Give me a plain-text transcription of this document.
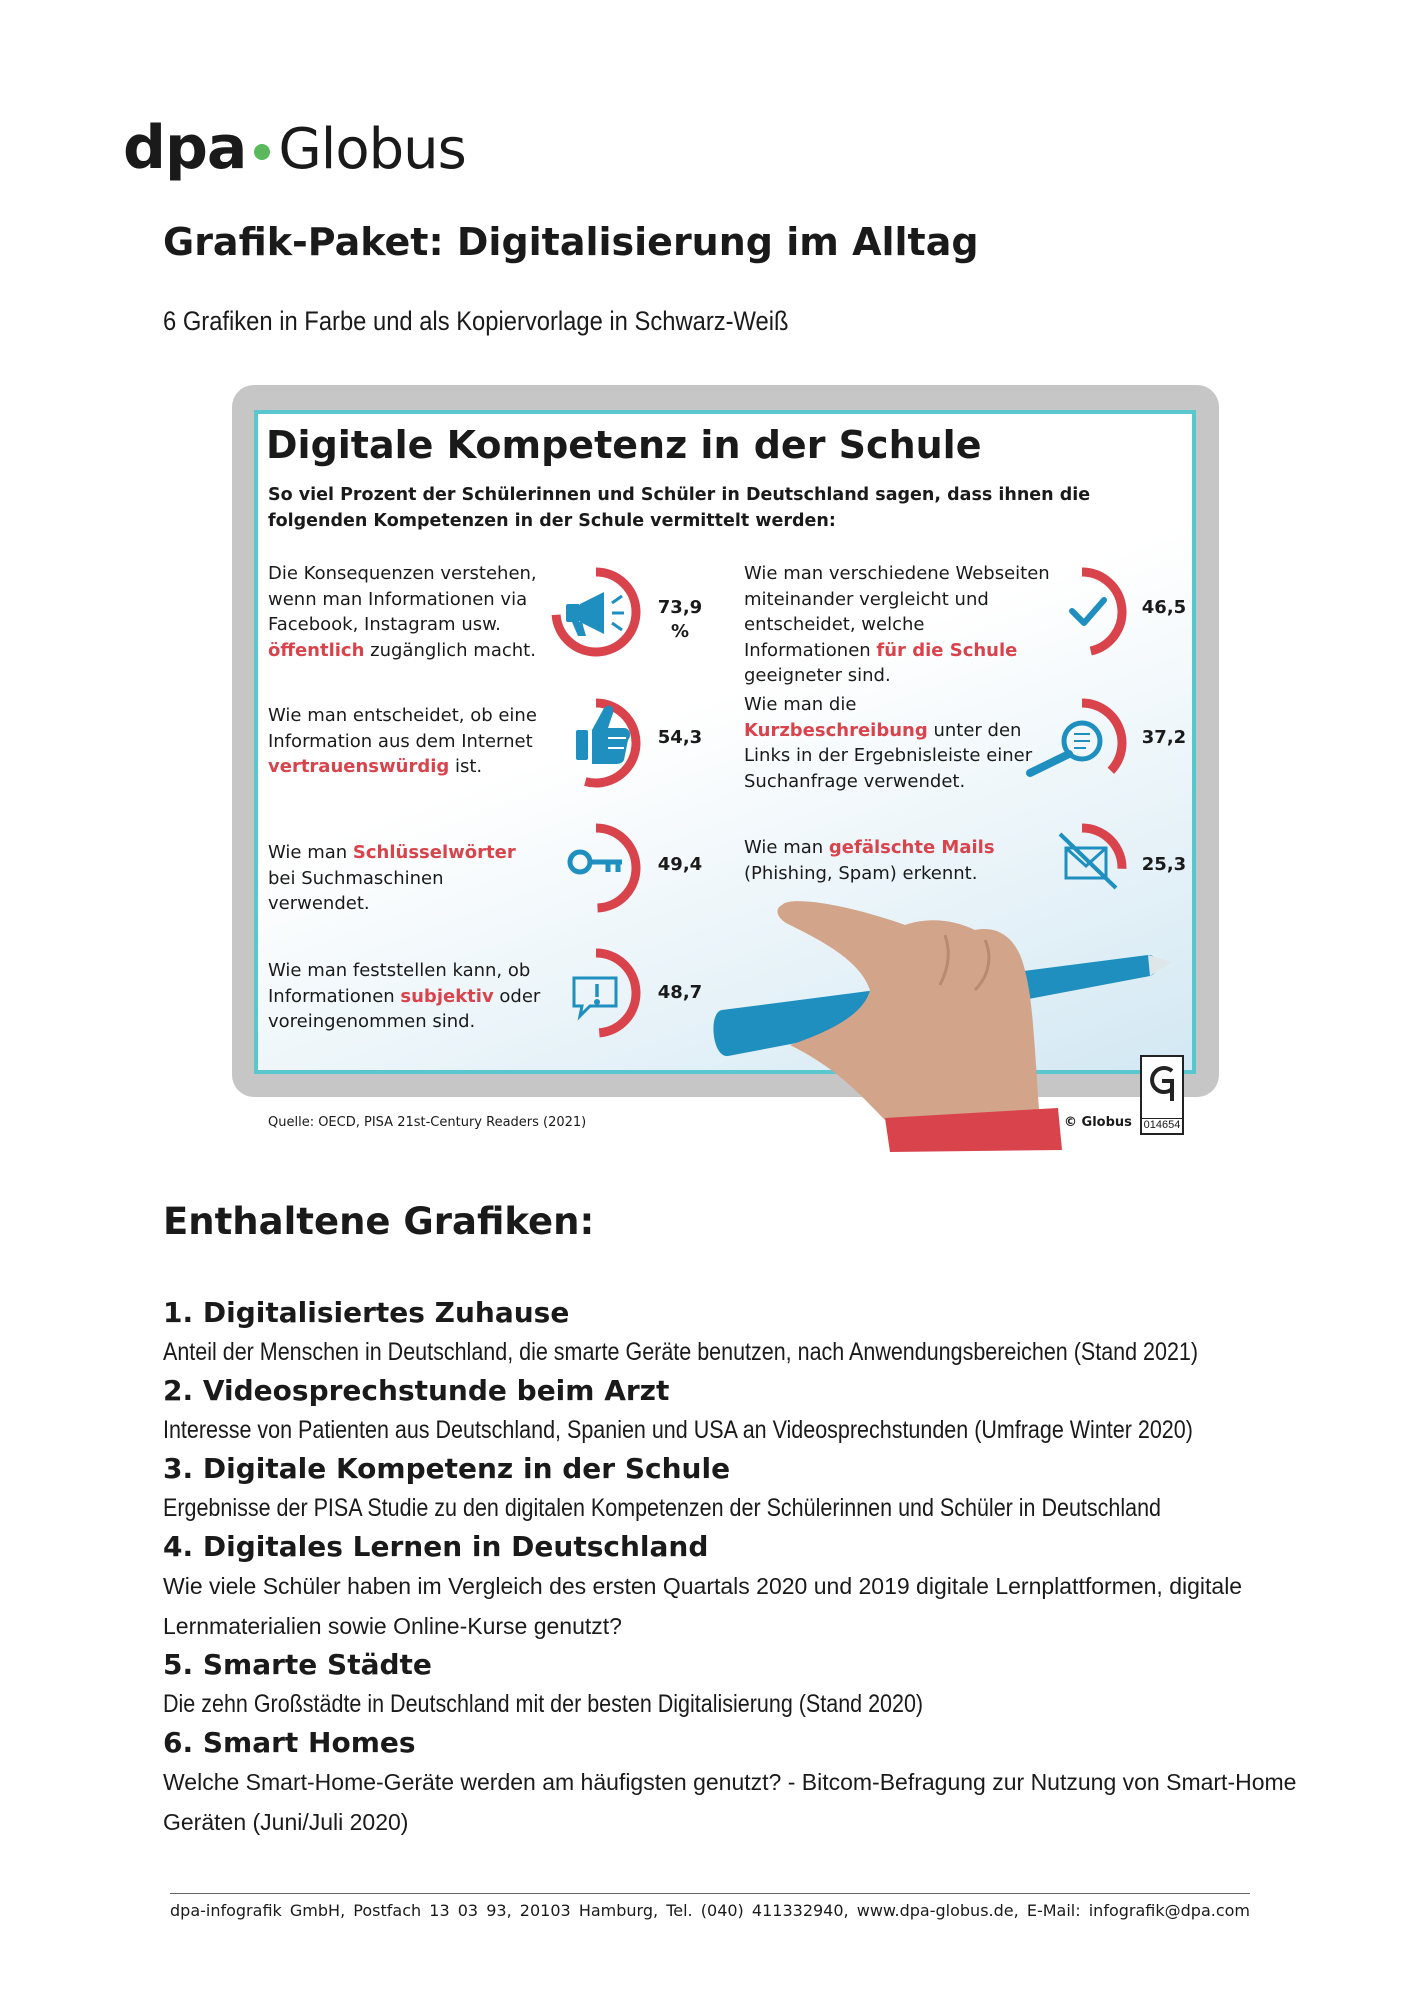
dpa Globus
Grafik-Paket: Digitalisierung im Alltag
6 Grafiken in Farbe und als Kopiervorlage in Schwarz-Weiß
Digitale Kompetenz in der Schule
So viel Prozent der Schülerinnen und Schüler in Deutschland sagen, dass ihnen die folgenden Kompetenzen in der Schule vermittelt werden:
Die Konsequenzen verstehen, wenn man Informationen via Facebook, Instagram usw. öffentlich zugänglich macht.
Wie man entscheidet, ob eine Information aus dem Internet vertrauenswürdig ist.
Wie man Schlüsselwörter bei Suchmaschinen verwendet.
Wie man feststellen kann, ob Informationen subjektiv oder voreingenommen sind.
Wie man verschiedene Webseiten miteinander vergleicht und entscheidet, welche Informationen für die Schule geeigneter sind.
Wie man die Kurzbeschreibung unter den Links in der Ergebnisleiste einer Suchanfrage verwendet.
Wie man gefälschte Mails (Phishing, Spam) erkennt.
73,9
%
54,3
49,4
48,7
46,5
37,2
25,3
Quelle: OECD, PISA 21st-Century Readers (2021)	© Globus 014654
Enthaltene Grafiken:
1. Digitalisiertes Zuhause
Anteil der Menschen in Deutschland, die smarte Geräte benutzen, nach Anwendungsbereichen (Stand 2021)
2. Videosprechstunde beim Arzt
Interesse von Patienten aus Deutschland, Spanien und USA an Videosprechstunden (Umfrage Winter 2020)
3. Digitale Kompetenz in der Schule
Ergebnisse der PISA Studie zu den digitalen Kompetenzen der Schülerinnen und Schüler in Deutschland
4. Digitales Lernen in Deutschland
Wie viele Schüler haben im Vergleich des ersten Quartals 2020 und 2019 digitale Lernplattformen, digitale Lernmaterialien sowie Online-Kurse genutzt?
5. Smarte Städte
Die zehn Großstädte in Deutschland mit der besten Digitalisierung (Stand 2020)
6. Smart Homes
Welche Smart-Home-Geräte werden am häufigsten genutzt? - Bitcom-Befragung zur Nutzung von Smart-Home Geräten (Juni/Juli 2020)
dpa-infografik GmbH, Postfach 13 03 93, 20103 Hamburg, Tel. (040) 411332940, www.dpa-globus.de, E-Mail: infografik@dpa.com
